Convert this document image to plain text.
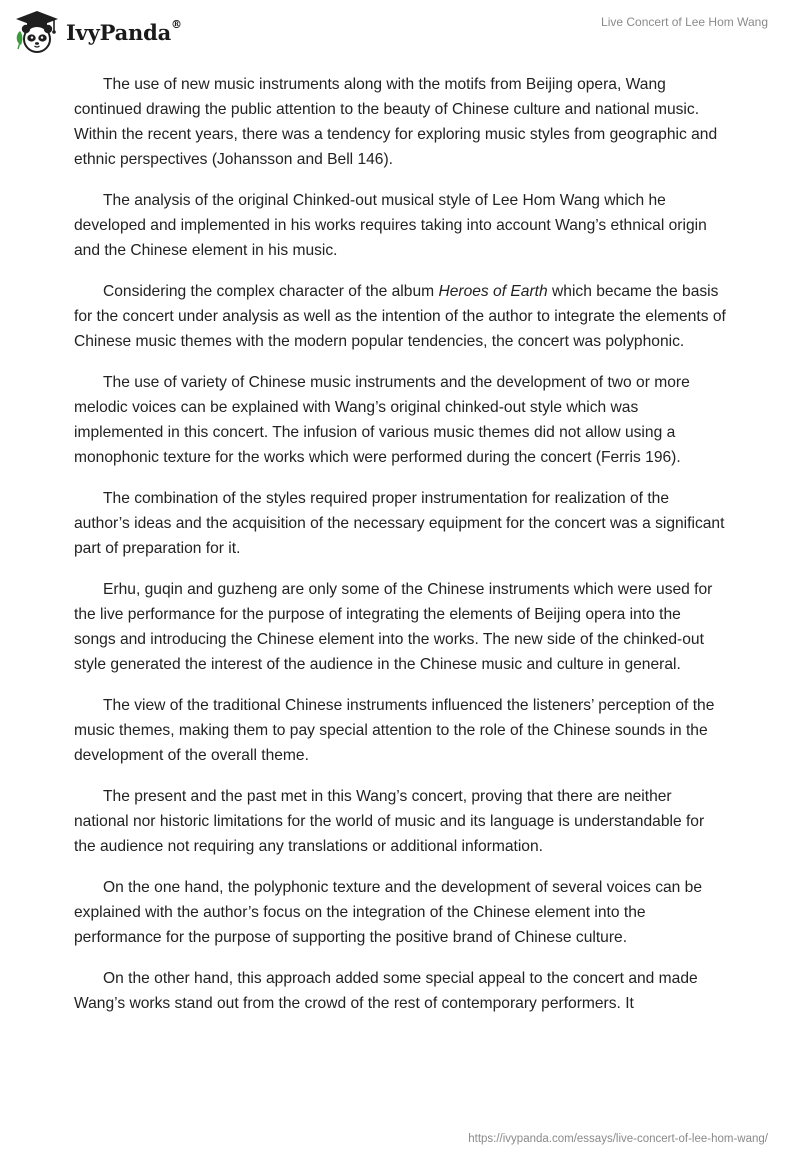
IvyPanda®	Live Concert of Lee Hom Wang

The use of new music instruments along with the motifs from Beijing opera, Wang continued drawing the public attention to the beauty of Chinese culture and national music. Within the recent years, there was a tendency for exploring music styles from geographic and ethnic perspectives (Johansson and Bell 146).

The analysis of the original Chinked-out musical style of Lee Hom Wang which he developed and implemented in his works requires taking into account Wang’s ethnical origin and the Chinese element in his music.

Considering the complex character of the album Heroes of Earth which became the basis for the concert under analysis as well as the intention of the author to integrate the elements of Chinese music themes with the modern popular tendencies, the concert was polyphonic.

The use of variety of Chinese music instruments and the development of two or more melodic voices can be explained with Wang’s original chinked-out style which was implemented in this concert. The infusion of various music themes did not allow using a monophonic texture for the works which were performed during the concert (Ferris 196).

The combination of the styles required proper instrumentation for realization of the author’s ideas and the acquisition of the necessary equipment for the concert was a significant part of preparation for it.

Erhu, guqin and guzheng are only some of the Chinese instruments which were used for the live performance for the purpose of integrating the elements of Beijing opera into the songs and introducing the Chinese element into the works. The new side of the chinked-out style generated the interest of the audience in the Chinese music and culture in general.

The view of the traditional Chinese instruments influenced the listeners’ perception of the music themes, making them to pay special attention to the role of the Chinese sounds in the development of the overall theme.

The present and the past met in this Wang’s concert, proving that there are neither national nor historic limitations for the world of music and its language is understandable for the audience not requiring any translations or additional information.

On the one hand, the polyphonic texture and the development of several voices can be explained with the author’s focus on the integration of the Chinese element into the performance for the purpose of supporting the positive brand of Chinese culture.

On the other hand, this approach added some special appeal to the concert and made Wang’s works stand out from the crowd of the rest of contemporary performers. It

https://ivypanda.com/essays/live-concert-of-lee-hom-wang/
